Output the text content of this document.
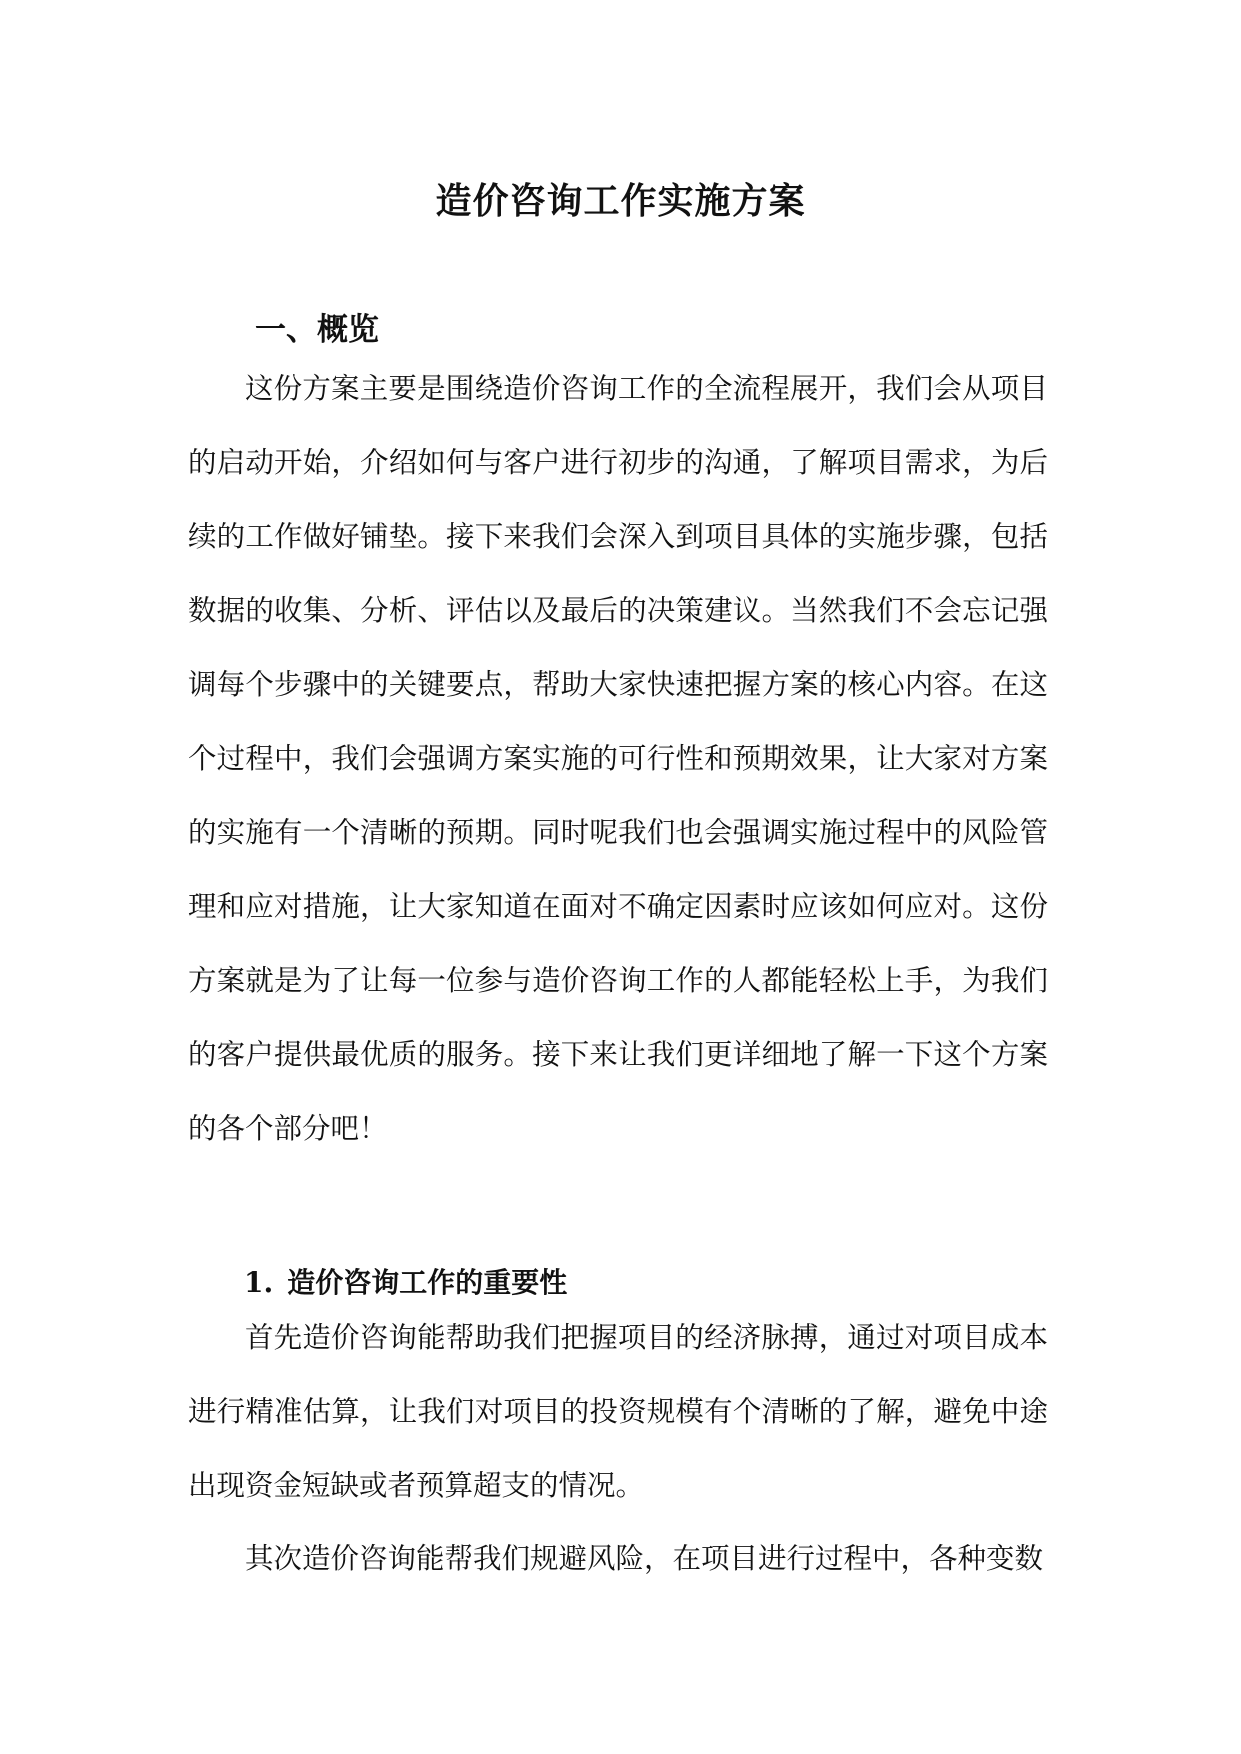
造价咨询工作实施方案
一、概览

这份方案主要是围绕造价咨询工作的全流程展开，我们会从项目的启动开始，介绍如何与客户进行初步的沟通，了解项目需求，为后续的工作做好铺垫。接下来我们会深入到项目具体的实施步骤，包括数据的收集、分析、评估以及最后的决策建议。当然我们不会忘记强调每个步骤中的关键要点，帮助大家快速把握方案的核心内容。在这个过程中，我们会强调方案实施的可行性和预期效果，让大家对方案的实施有一个清晰的预期。同时呢我们也会强调实施过程中的风险管理和应对措施，让大家知道在面对不确定因素时应该如何应对。这份方案就是为了让每一位参与造价咨询工作的人都能轻松上手，为我们的客户提供最优质的服务。接下来让我们更详细地了解一下这个方案的各个部分吧！

1. 造价咨询工作的重要性

首先造价咨询能帮助我们把握项目的经济脉搏，通过对项目成本进行精准估算，让我们对项目的投资规模有个清晰的了解，避免中途出现资金短缺或者预算超支的情况。

其次造价咨询能帮我们规避风险，在项目进行过程中，各种变数
